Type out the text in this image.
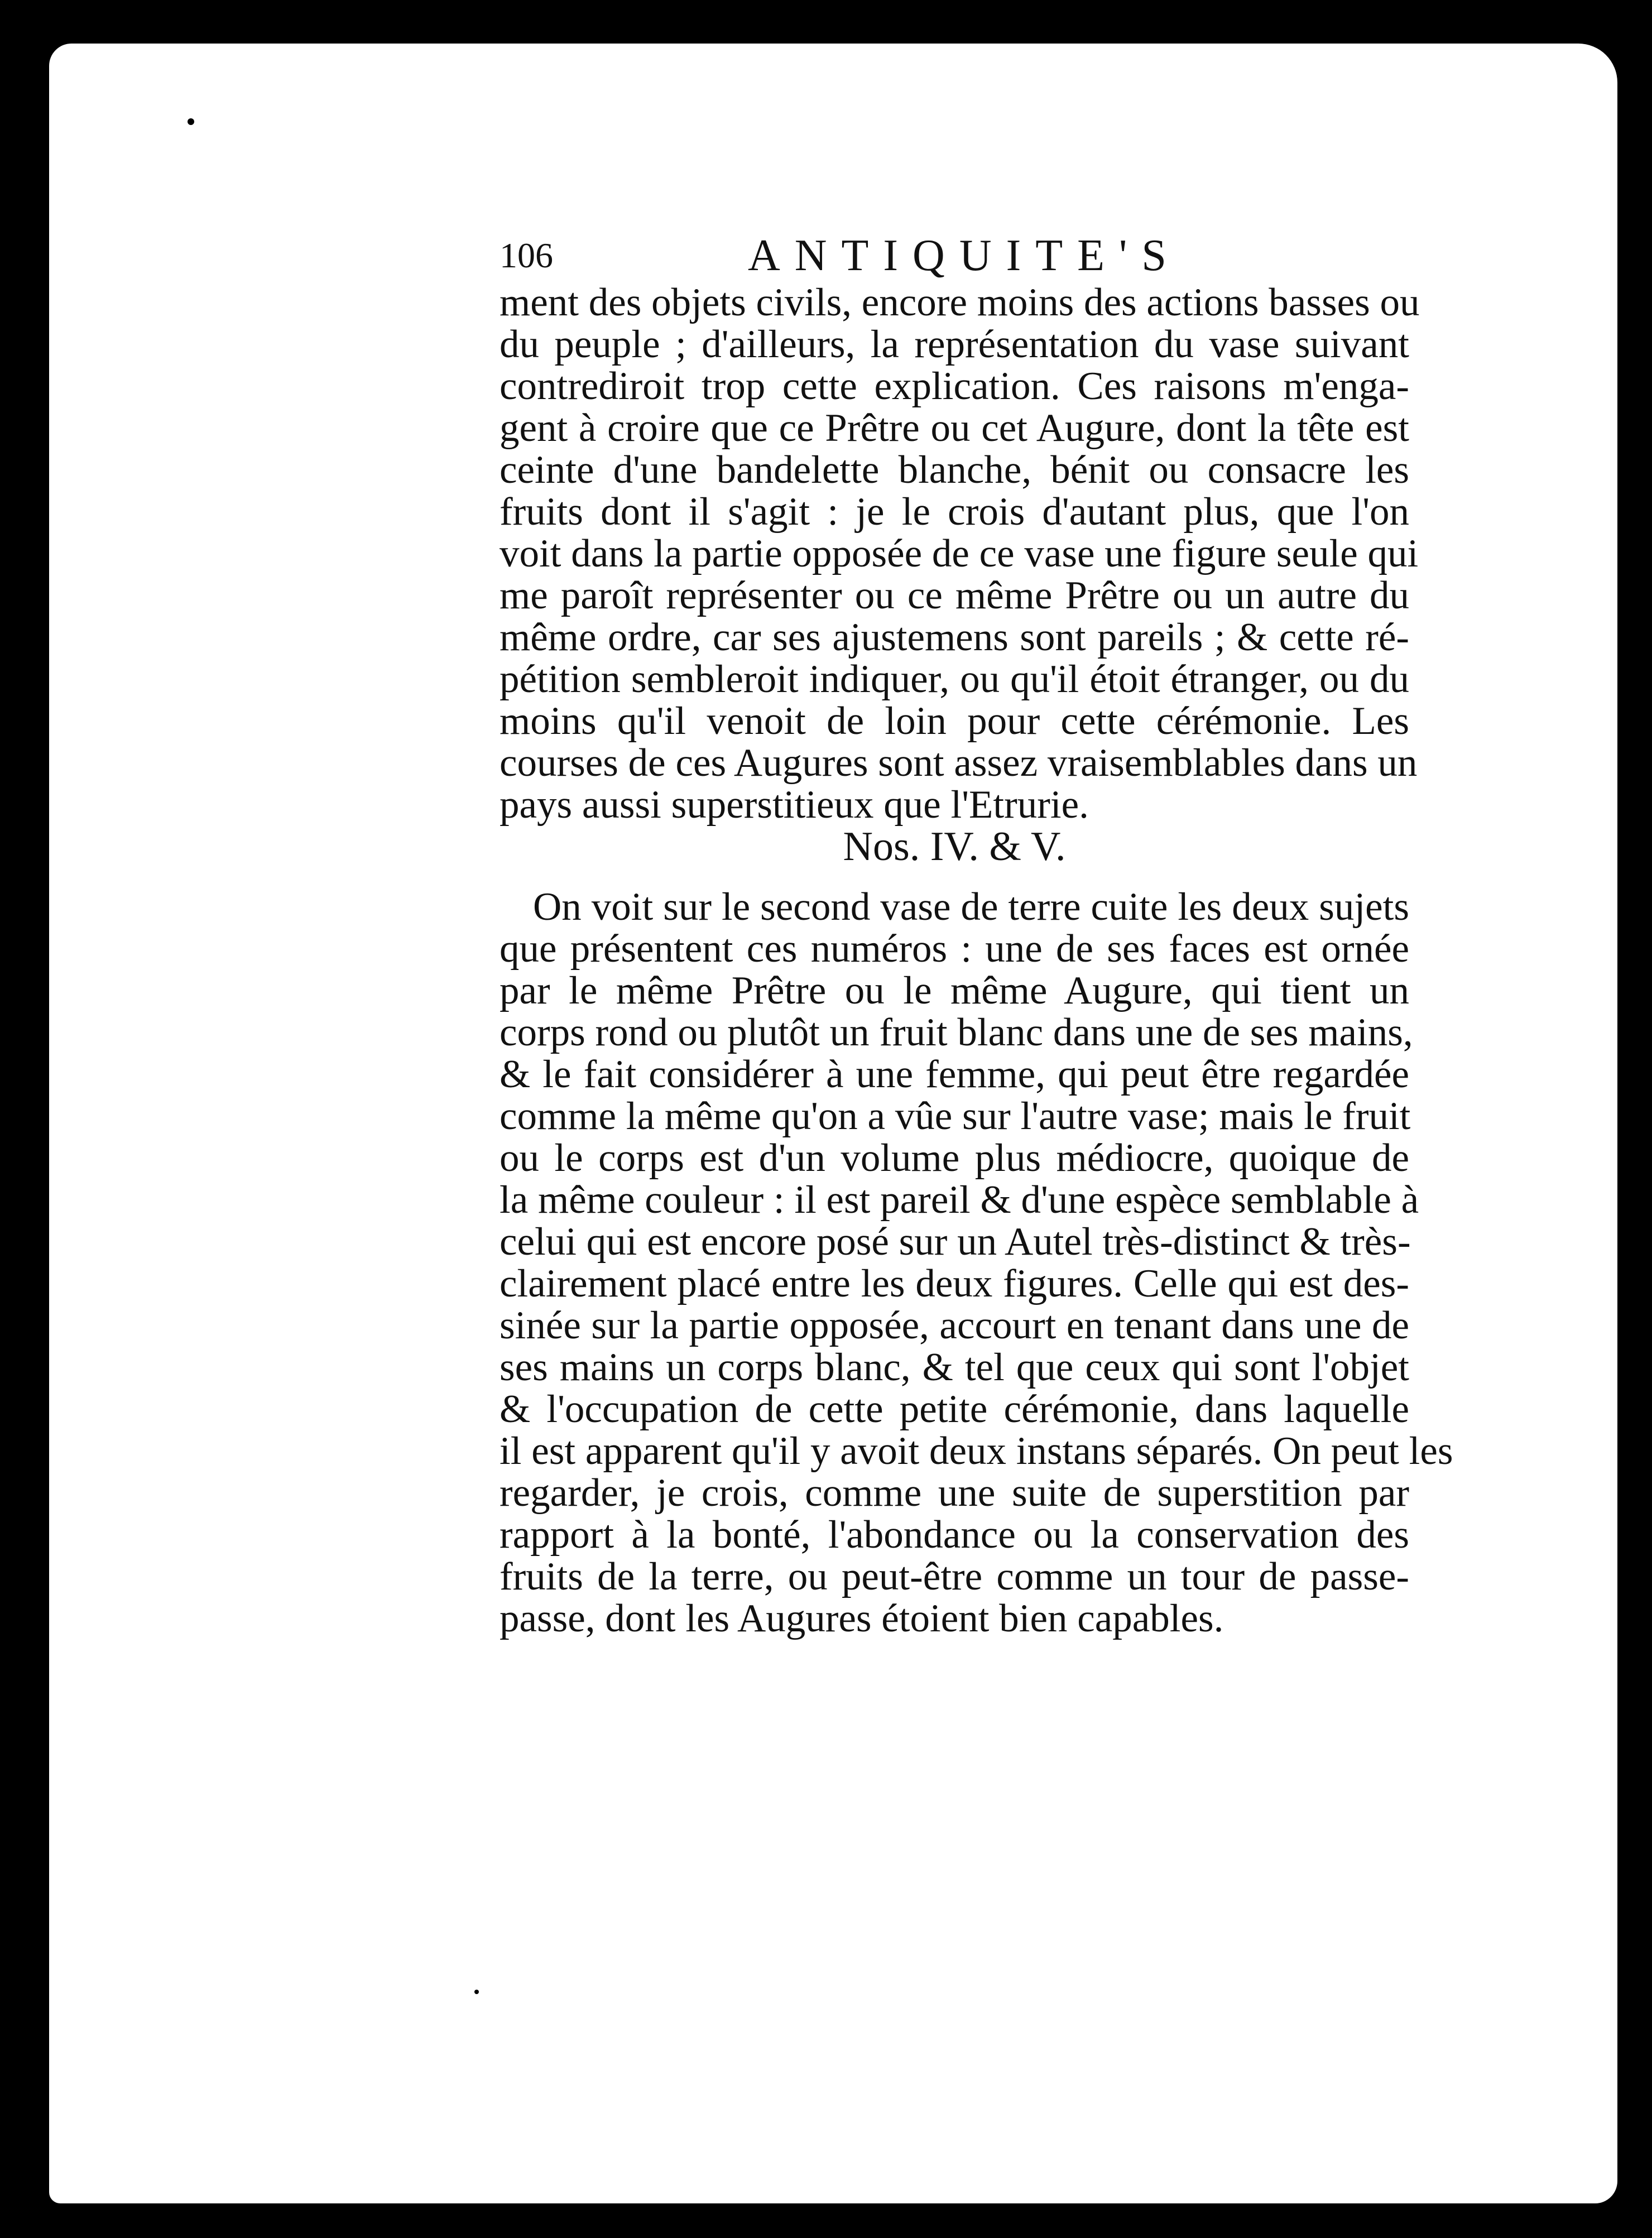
106	ANTIQUITE'S
ment des objets civils, encore moins des actions basses ou
du peuple ; d'ailleurs, la représentation du vase suivant
contrediroit trop cette explication. Ces raisons m'enga-
gent à croire que ce Prêtre ou cet Augure, dont la tête est
ceinte d'une bandelette blanche, bénit ou consacre les
fruits dont il s'agit : je le crois d'autant plus, que l'on
voit dans la partie opposée de ce vase une figure seule qui
me paroît représenter ou ce même Prêtre ou un autre du
même ordre, car ses ajustemens sont pareils ; & cette ré-
pétition sembleroit indiquer, ou qu'il étoit étranger, ou du
moins qu'il venoit de loin pour cette cérémonie. Les
courses de ces Augures sont assez vraisemblables dans un
pays aussi superstitieux que l'Etrurie.
Nos. IV. & V.
On voit sur le second vase de terre cuite les deux sujets
que présentent ces numéros : une de ses faces est ornée
par le même Prêtre ou le même Augure, qui tient un
corps rond ou plutôt un fruit blanc dans une de ses mains,
& le fait considérer à une femme, qui peut être regardée
comme la même qu'on a vûe sur l'autre vase; mais le fruit
ou le corps est d'un volume plus médiocre, quoique de
la même couleur : il est pareil & d'une espèce semblable à
celui qui est encore posé sur un Autel très-distinct & très-
clairement placé entre les deux figures. Celle qui est des-
sinée sur la partie opposée, accourt en tenant dans une de
ses mains un corps blanc, & tel que ceux qui sont l'objet
& l'occupation de cette petite cérémonie, dans laquelle
il est apparent qu'il y avoit deux instans séparés. On peut les
regarder, je crois, comme une suite de superstition par
rapport à la bonté, l'abondance ou la conservation des
fruits de la terre, ou peut-être comme un tour de passe-
passe, dont les Augures étoient bien capables.
